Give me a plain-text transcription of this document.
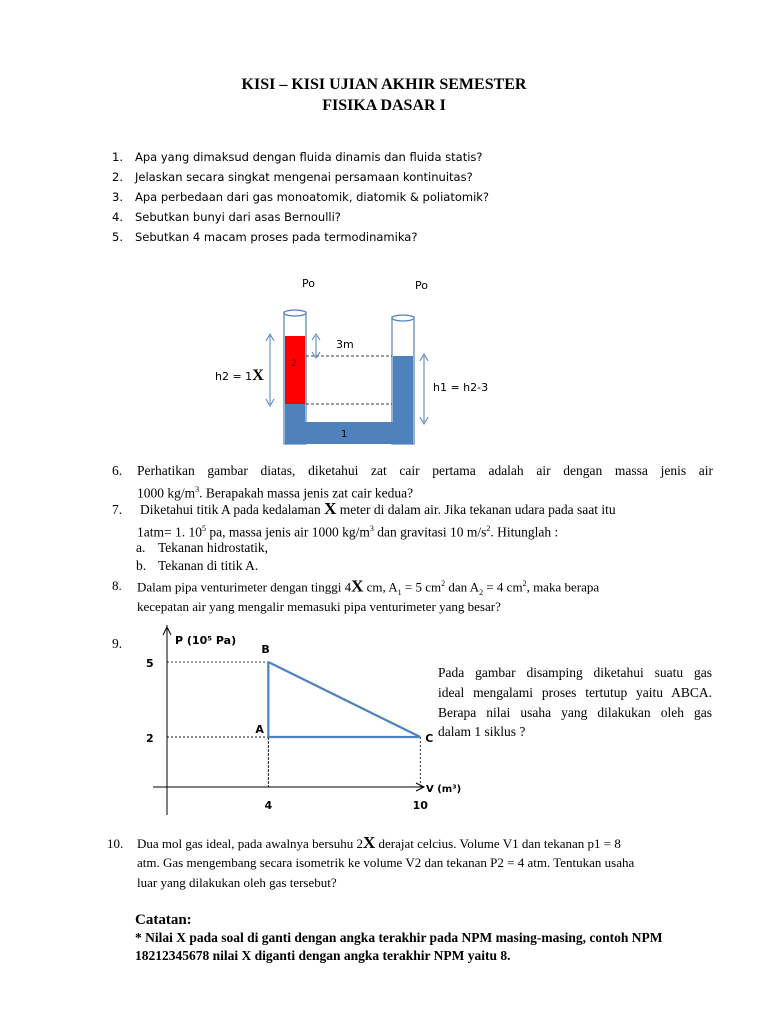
KISI – KISI UJIAN AKHIR SEMESTER
FISIKA DASAR I
1. Apa yang dimaksud dengan fluida dinamis dan fluida statis?
2. Jelaskan secara singkat mengenai persamaan kontinuitas?
3. Apa perbedaan dari gas monoatomik, diatomik & poliatomik?
4. Sebutkan bunyi dari asas Bernoulli?
5. Sebutkan 4 macam proses pada termodinamika?
Po	Po
2
1
3m
h2 = 1X
h1 = h2-3
6. Perhatikan gambar diatas, diketahui zat cair pertama adalah air dengan massa jenis air
1000 $kg/m^3$. Berapakah massa jenis zat cair kedua?
7. Diketahui titik A pada kedalaman X meter di dalam air. Jika tekanan udara pada saat itu
1atm= 1. $10^5$ pa, massa jenis air 1000 $kg/m^3$ dan gravitasi 10 $m/s^2$. Hitunglah :
a. Tekanan hidrostatik,
b. Tekanan di titik A.
8. Dalam pipa venturimeter dengan tinggi 4X cm, $A_1 = 5$ $cm^2$ dan $A_2 = 4$ $cm^2$, maka berapa
kecepatan air yang mengalir memasuki pipa venturimeter yang besar?
9.
Pada gambar disamping diketahui suatu gas
ideal mengalami proses tertutup yaitu ABCA.
Berapa nilai usaha yang dilakukan oleh gas
dalam 1 siklus ?
P (10⁵ Pa)
V (m³)
A
B
C
5
2
4	10
10. Dua mol gas ideal, pada awalnya bersuhu 2X derajat celcius. Volume V1 dan tekanan p1 = 8
atm. Gas mengembang secara isometrik ke volume V2 dan tekanan P2 = 4 atm. Tentukan usaha
luar yang dilakukan oleh gas tersebut?
Catatan:
* Nilai X pada soal di ganti dengan angka terakhir pada NPM masing-masing, contoh NPM
18212345678 nilai X diganti dengan angka terakhir NPM yaitu 8.
